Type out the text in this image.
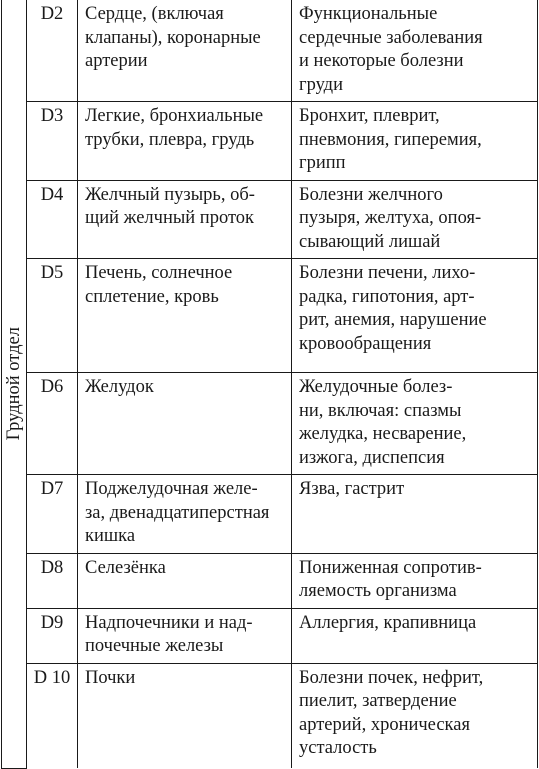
Грудной отдел	D2	Сердце, (включая
клапаны), коронарные
артерии	Функциональные
сердечные заболевания
и некоторые болезни
груди

	D3	Легкие, бронхиальные
трубки, плевра, грудь	Бронхит, плеврит,
пневмония, гиперемия,
грипп

	D4	Желчный пузырь, об-
щий желчный проток	Болезни желчного
пузыря, желтуха, опоя-
сывающий лишай

	D5	Печень, солнечное
сплетение, кровь	Болезни печени, лихо-
радка, гипотония, арт-
рит, анемия, нарушение
кровообращения

	D6	Желудок	Желудочные болез-
ни, включая: спазмы
желудка, несварение,
изжога, диспепсия

	D7	Поджелудочная желе-
за, двенадцатиперстная
кишка	Язва, гастрит

	D8	Селезёнка	Пониженная сопротив-
ляемость организма

	D9	Надпочечники и над-
почечные железы	Аллергия, крапивница

	D 10	Почки	Болезни почек, нефрит,
пиелит, затвердение
артерий, хроническая
усталость
